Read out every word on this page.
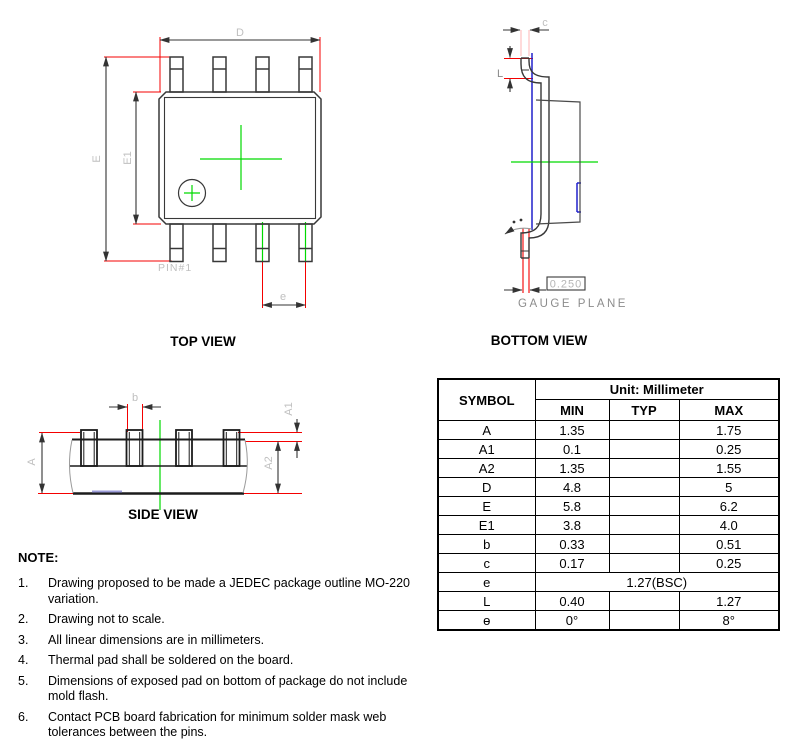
D
E E1
e
PIN#1
TOP VIEW
0.250
c
L
GAUGE PLANE
BOTTOM VIEW
b
A
A1
A2
SIDE VIEW
SYMBOL	Unit: Millimeter		
	MIN	TYP	MAX
A	1.35		1.75
A1	0.1		0.25
A2	1.35		1.55
D	4.8		5
E	5.8		6.2
E1	3.8		4.0
b	0.33		0.51
c	0.17		0.25
e	1.27(BSC)		
L	0.40		1.27
ɵ	0°		8°
NOTE:
1.	Drawing proposed to be made a JEDEC package outline MO-220 variation.
2.	Drawing not to scale.
3.	All linear dimensions are in millimeters.
4.	Thermal pad shall be soldered on the board.
5.	Dimensions of exposed pad on bottom of package do not include mold flash.
6.	Contact PCB board fabrication for minimum solder mask web tolerances between the pins.
